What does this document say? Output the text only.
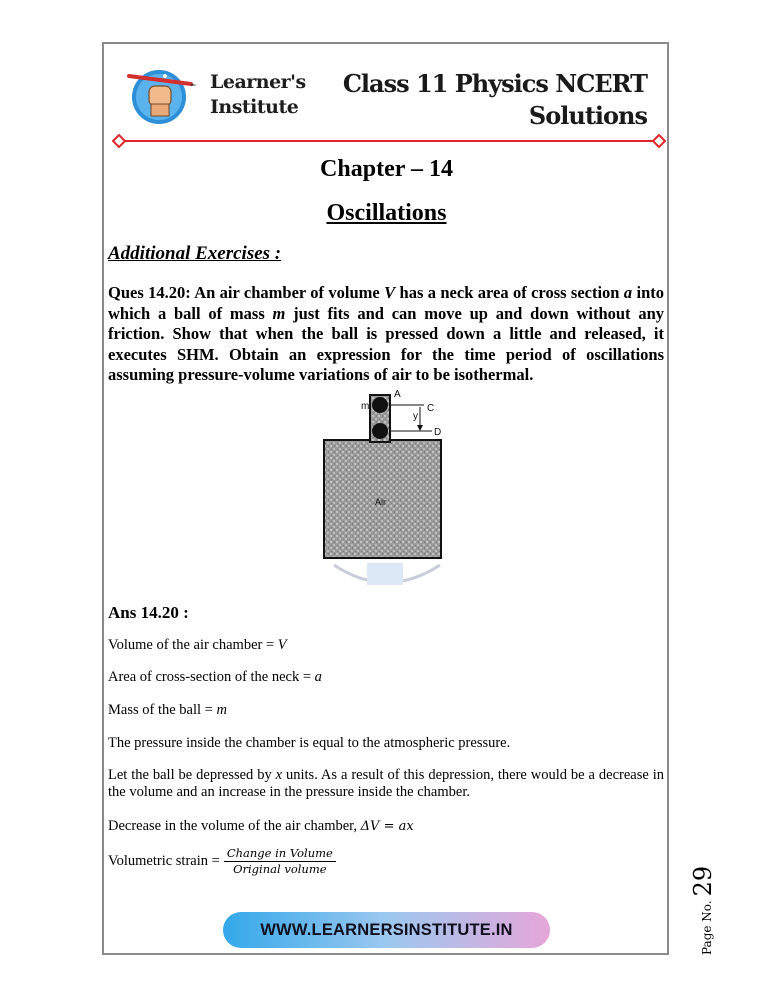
Learner's
Institute
Class 11 Physics NCERT
Solutions
Chapter – 14
Oscillations
Additional Exercises :
Ques 14.20: An air chamber of volume V has a neck area of cross section a into which a ball of mass m just fits and can move up and down without any friction. Show that when the ball is pressed down a little and released, it executes SHM. Obtain an expression for the time period of oscillations assuming pressure-volume variations of air to be isothermal.
m
A
y
C
D
Air
Ans 14.20 :
Volume of the air chamber = V
Area of cross-section of the neck = a
Mass of the ball = m
The pressure inside the chamber is equal to the atmospheric pressure.
Let the ball be depressed by x units. As a result of this depression, there would be a decrease in the volume and an increase in the pressure inside the chamber.
Decrease in the volume of the air chamber, ΔV = ax
Volumetric strain = $\frac{\text{Change in Volume}}{\text{Original volume}}$
WWW.LEARNERSINSTITUTE.IN	Page No.29
